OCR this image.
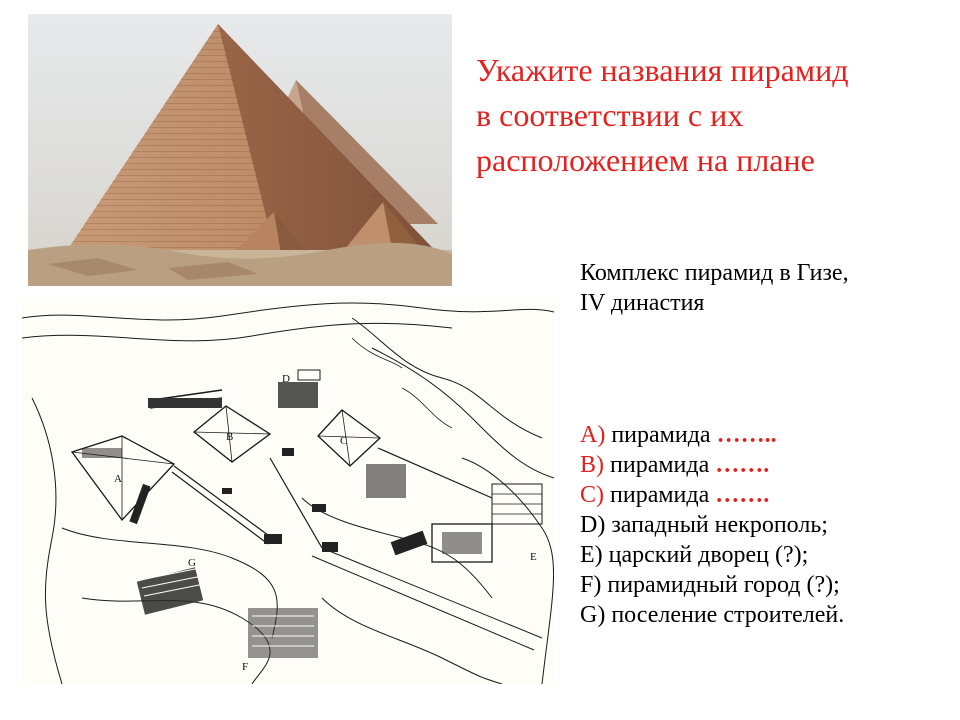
Укажите названия пирамид
в соответствии с их
расположением на плане
Комплекс пирамид в Гизе,
IV династия
A
B	C
D
E
F
G
A) пирамида ……..
B) пирамида …….
C) пирамида …….
D) западный некрополь;
E) царский дворец (?);
F) пирамидный город (?);
G) поселение строителей.
